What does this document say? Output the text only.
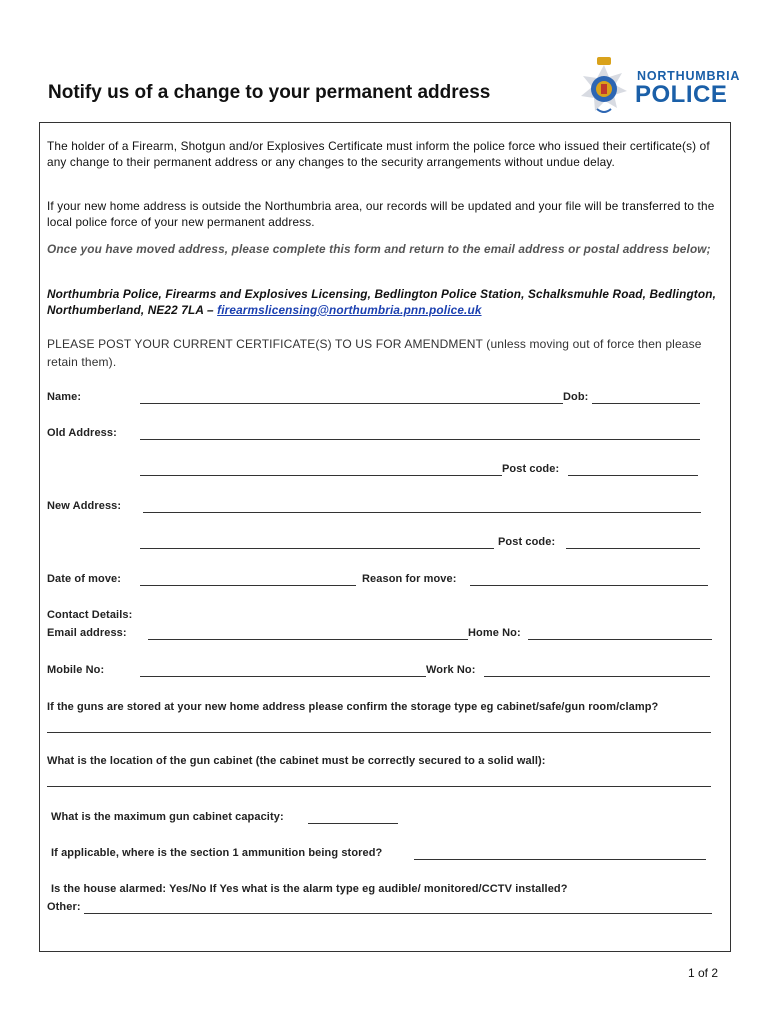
Notify us of a change to your permanent address
NORTHUMBRIA
POLICE
The holder of a Firearm, Shotgun and/or Explosives Certificate must inform the police force who issued their certificate(s) of any change to their permanent address or any changes to the security arrangements without undue delay.
If your new home address is outside the Northumbria area, our records will be updated and your file will be transferred to the local police force of your new permanent address.
Once you have moved address, please complete this form and return to the email address or postal address below;
Northumbria Police, Firearms and Explosives Licensing, Bedlington Police Station, Schalksmuhle Road, Bedlington, Northumberland, NE22 7LA – firearmslicensing@northumbria.pnn.police.uk
PLEASE POST YOUR CURRENT CERTIFICATE(S) TO US FOR AMENDMENT (unless moving out of force then please retain them).
Name:	Dob:
Old Address:
Post code:
New Address:
Post code:
Date of move:	Reason for move:
Contact Details:
Email address:	Home No:
Mobile No:	Work No:
If the guns are stored at your new home address please confirm the storage type eg cabinet/safe/gun room/clamp?
What is the location of the gun cabinet (the cabinet must be correctly secured to a solid wall):
What is the maximum gun cabinet capacity:
If applicable, where is the section 1 ammunition being stored?
Is the house alarmed: Yes/No If Yes what is the alarm type eg audible/ monitored/CCTV installed?
Other:
1 of 2
